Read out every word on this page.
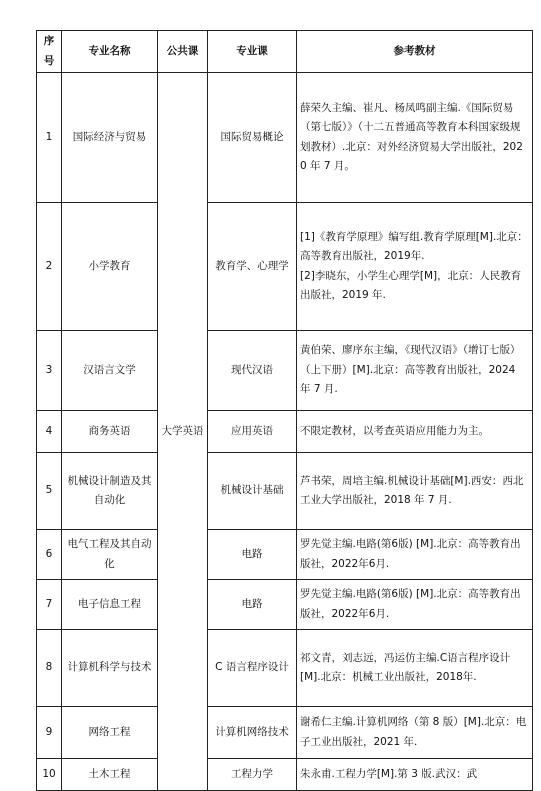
序号	专业名称	公共课	专业课	参考教材
1	国际经济与贸易	大学英语	国际贸易概论	薛荣久主编、崔凡、杨凤鸣副主编.《国际贸易（第七版）》（十二五普通高等教育本科国家级规划教材）.北京：对外经济贸易大学出版社，2020 年 7 月。

2	小学教育		教育学、心理学	[1]《教育学原理》编写组.教育学原理[M].北京：高等教育出版社，2019年.

[2]李晓东，小学生心理学[M]，北京：人民教育出版社，2019 年.

3	汉语言文学		现代汉语	黄伯荣、廖序东主编，《现代汉语》（增订七版）（上下册）[M].北京：高等教育出版社，2024 年 7 月.

4	商务英语		应用英语	不限定教材，以考查英语应用能力为主。

5	机械设计制造及其自动化		机械设计基础	芦书荣，周培主编.机械设计基础[M].西安：西北工业大学出版社，2018 年 7 月.

6	电气工程及其自动化		电路	罗先觉主编.电路(第6版) [M].北京：高等教育出版社，2022年6月.

7	电子信息工程		电路	罗先觉主编.电路(第6版) [M].北京：高等教育出版社，2022年6月.

8	计算机科学与技术		C 语言程序设计	祁文青，刘志远，冯运仿主编.C语言程序设计[M].北京：机械工业出版社，2018年.

9	网络工程		计算机网络技术	谢希仁主编.计算机网络（第 8 版）[M].北京：电子工业出版社，2021 年.

10	土木工程		工程力学	朱永甫.工程力学[M].第 3 版.武汉：武
